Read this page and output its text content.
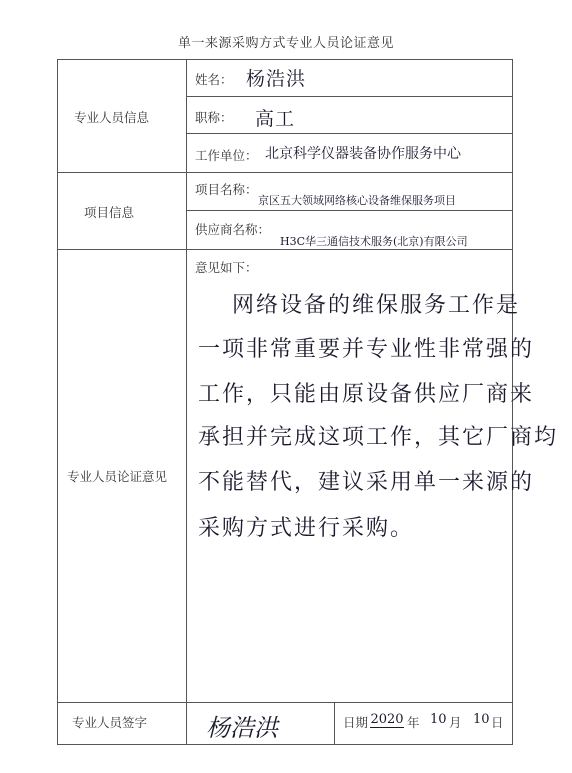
单一来源采购方式专业人员论证意见
专业人员信息
项目信息
专业人员论证意见
专业人员签字
姓名： 杨浩洪
职称： 高工
工作单位： 北京科学仪器装备协作服务中心
项目名称：
京区五大领域网络核心设备维保服务项目
供应商名称：
H3C华三通信技术服务(北京)有限公司
意见如下：
网络设备的维保服务工作是
一项非常重要并专业性非常强的
工作，只能由原设备供应厂商来
承担并完成这项工作，其它厂商均
不能替代，建议采用单一来源的
采购方式进行采购。
杨浩洪	日期 2020 年 10 月 10 日
